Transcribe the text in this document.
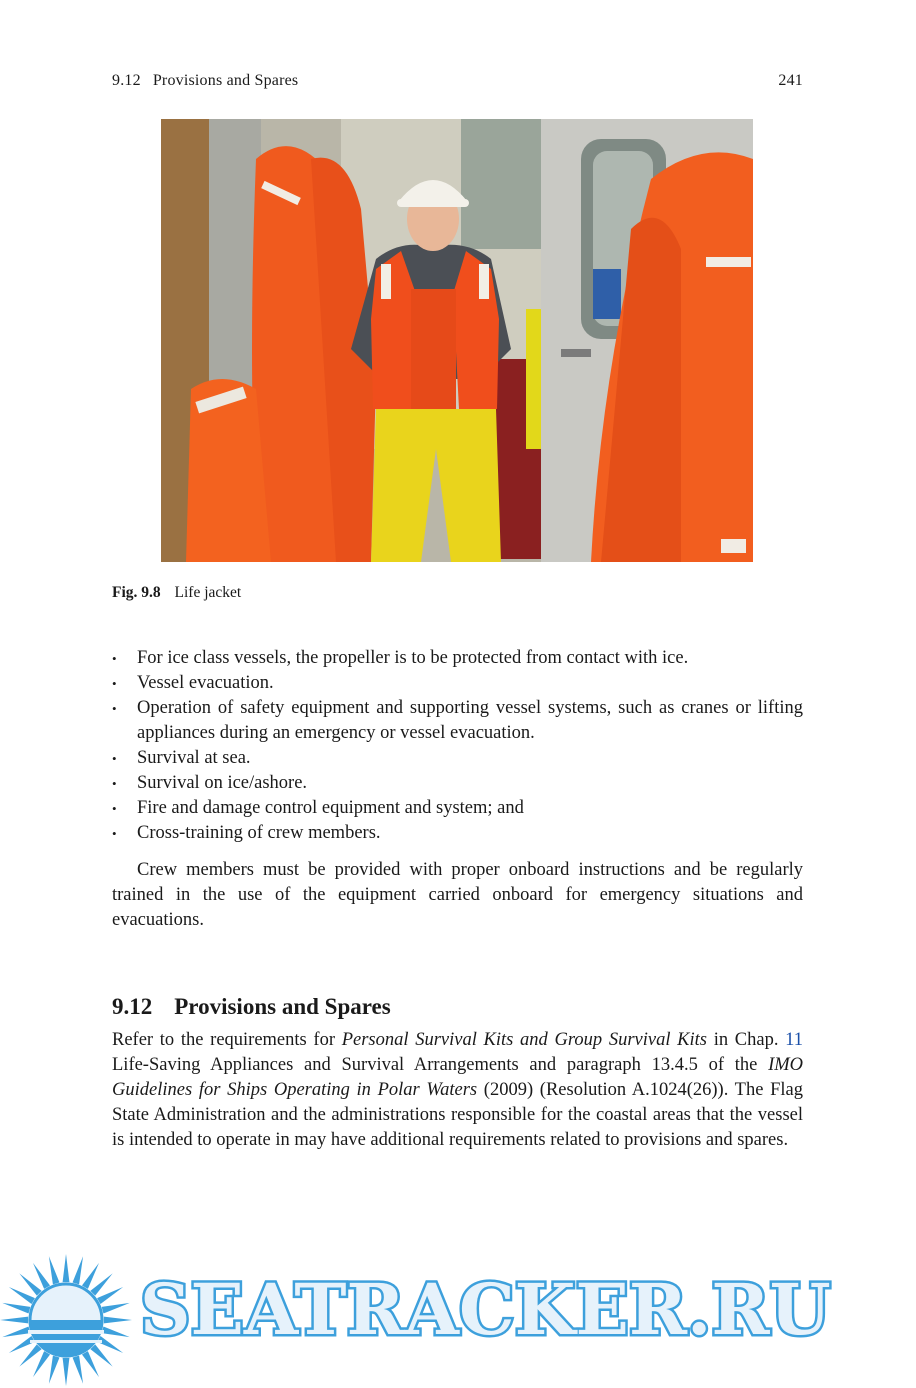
9.12 Provisions and Spares	241
Fig. 9.8 Life jacket
• For ice class vessels, the propeller is to be protected from contact with ice.
• Vessel evacuation.
• Operation of safety equipment and supporting vessel systems, such as cranes or lifting appliances during an emergency or vessel evacuation.
• Survival at sea.
• Survival on ice/ashore.
• Fire and damage control equipment and system; and
• Cross-training of crew members.

Crew members must be provided with proper onboard instructions and be regularly trained in the use of the equipment carried onboard for emergency situations and evacuations.

9.12 Provisions and Spares

Refer to the requirements for Personal Survival Kits and Group Survival Kits in Chap. 11 Life-Saving Appliances and Survival Arrangements and paragraph 13.4.5 of the IMO Guidelines for Ships Operating in Polar Waters (2009) (Resolution A.1024(26)). The Flag State Administration and the administrations responsible for the coastal areas that the vessel is intended to operate in may have additional requirements related to provisions and spares.

SEATRACKER.RU
